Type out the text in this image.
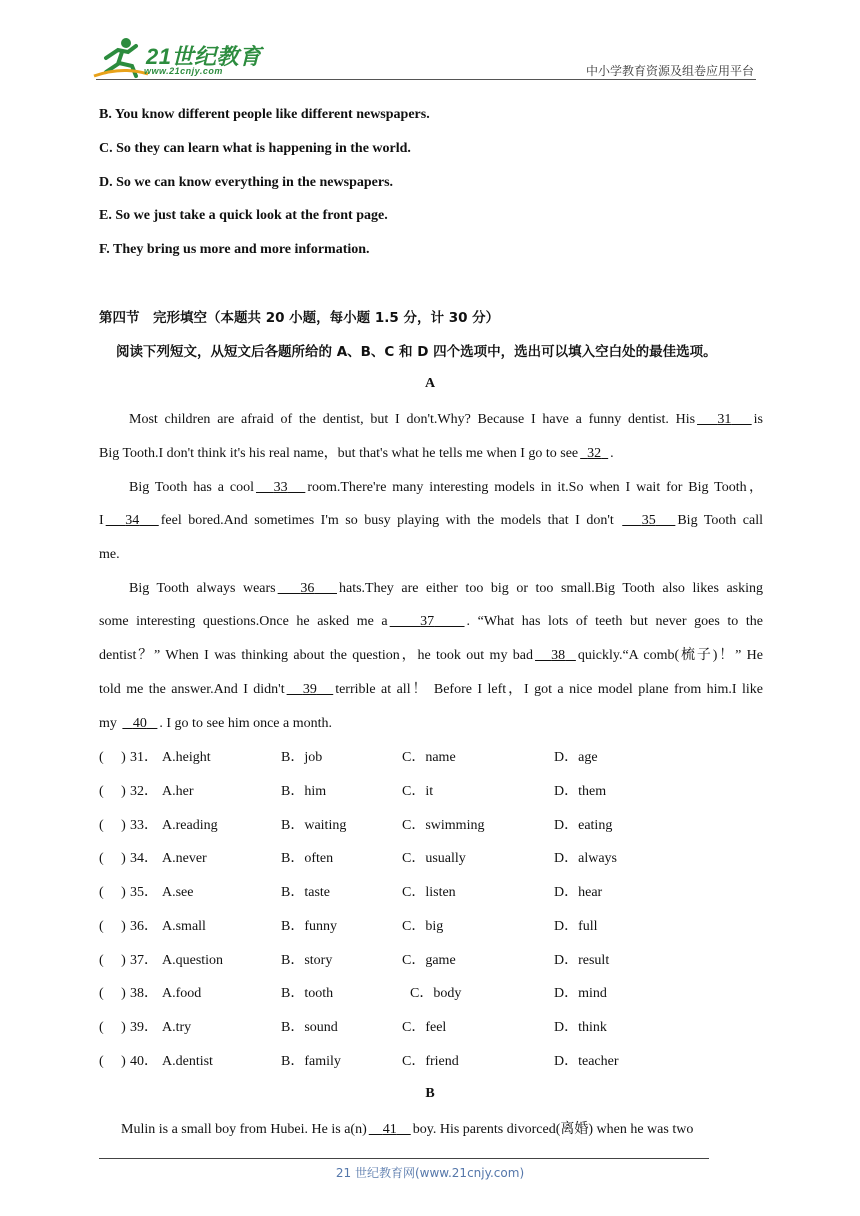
21世纪教育
www.21cnjy.com	中小学教育资源及组卷应用平台
B. You know different people like different newspapers.
C. So they can learn what is happening in the world.
D. So we can know everything in the newspapers.
E. So we just take a quick look at the front page.
F. They bring us more and more information.
第四节　完形填空（本题共 20 小题，每小题 1.5 分，计 30 分）
阅读下列短文，从短文后各题所给的 A、B、C 和 D 四个选项中，选出可以填入空白处的最佳选项。
A
Most children are afraid of the dentist, but I don't.Why? Because I have a funny dentist. His 31 is
Big Tooth.I don't think it's his real name，but that's what he tells me when I go to see 32 .
Big Tooth has a cool 33 room.There're many interesting models in it.So when I wait for Big Tooth，
I 34 feel bored.And sometimes I'm so busy playing with the models that I don't    35 Big Tooth call
me.
Big Tooth always wears 36 hats.They are either too big or too small.Big Tooth also likes asking
some interesting questions.Once he asked me a 37 . “What has lots of teeth but never goes to the
dentist？” When I was thinking about the question，he took out my bad 38 quickly.“A comb(梳子)！” He
told me the answer.And I didn't 39 terrible at all！ Before I left，I got a nice model plane from him.I like
my    40 . I go to see him once a month.
(　 ) 31． A.height	B．job	C．name	D．age
(　 ) 32． A.her	B．him	C．it	D．them
(　 ) 33． A.reading	B．waiting	C．swimming	D．eating
(　 ) 34． A.never	B．often	C．usually	D．always
(　 ) 35． A.see	B．taste	C．listen	D．hear
(　 ) 36． A.small	B．funny	C．big	D．full
(　 ) 37． A.question	B．story	C．game	D．result
(　 ) 38． A.food	B．tooth	C．body	D．mind
(　 ) 39． A.try	B．sound	C．feel	D．think
(　 ) 40． A.dentist	B．family	C．friend	D．teacher
B
Mulin is a small boy from Hubei. He is a(n) 41 boy. His parents divorced(离婚) when he was two
21 世纪教育网(www.21cnjy.com)
